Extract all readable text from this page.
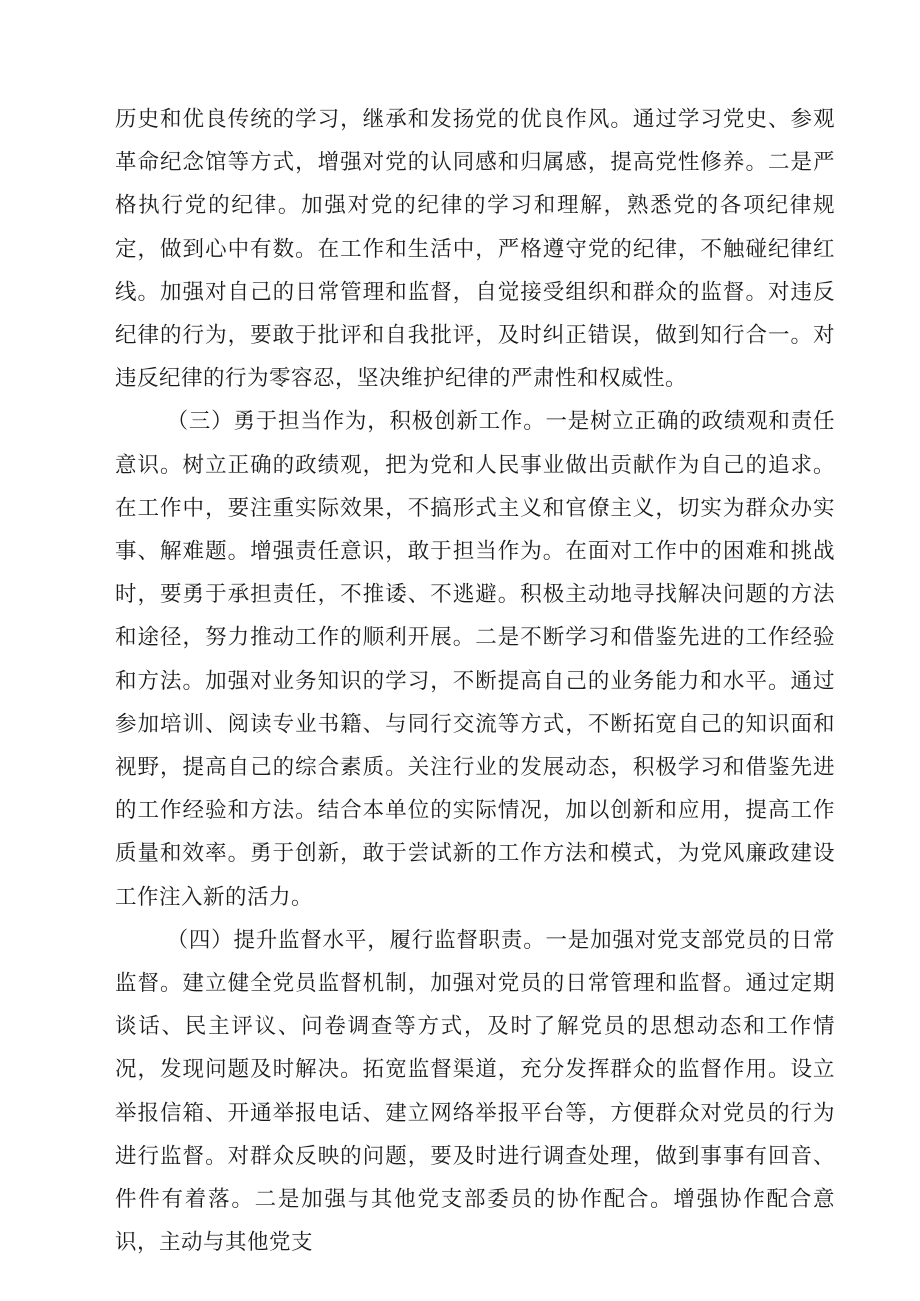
历史和优良传统的学习，继承和发扬党的优良作风。通过学习党史、参观革命纪念馆等方式，增强对党的认同感和归属感，提高党性修养。二是严格执行党的纪律。加强对党的纪律的学习和理解，熟悉党的各项纪律规定，做到心中有数。在工作和生活中，严格遵守党的纪律，不触碰纪律红线。加强对自己的日常管理和监督，自觉接受组织和群众的监督。对违反纪律的行为，要敢于批评和自我批评，及时纠正错误，做到知行合一。对违反纪律的行为零容忍，坚决维护纪律的严肃性和权威性。

（三）勇于担当作为，积极创新工作。一是树立正确的政绩观和责任意识。树立正确的政绩观，把为党和人民事业做出贡献作为自己的追求。在工作中，要注重实际效果，不搞形式主义和官僚主义，切实为群众办实事、解难题。增强责任意识，敢于担当作为。在面对工作中的困难和挑战时，要勇于承担责任，不推诿、不逃避。积极主动地寻找解决问题的方法和途径，努力推动工作的顺利开展。二是不断学习和借鉴先进的工作经验和方法。加强对业务知识的学习，不断提高自己的业务能力和水平。通过参加培训、阅读专业书籍、与同行交流等方式，不断拓宽自己的知识面和视野，提高自己的综合素质。关注行业的发展动态，积极学习和借鉴先进的工作经验和方法。结合本单位的实际情况，加以创新和应用，提高工作质量和效率。勇于创新，敢于尝试新的工作方法和模式，为党风廉政建设工作注入新的活力。

（四）提升监督水平，履行监督职责。一是加强对党支部党员的日常监督。建立健全党员监督机制，加强对党员的日常管理和监督。通过定期谈话、民主评议、问卷调查等方式，及时了解党员的思想动态和工作情况，发现问题及时解决。拓宽监督渠道，充分发挥群众的监督作用。设立举报信箱、开通举报电话、建立网络举报平台等，方便群众对党员的行为进行监督。对群众反映的问题，要及时进行调查处理，做到事事有回音、件件有着落。二是加强与其他党支部委员的协作配合。增强协作配合意识，主动与其他党支
